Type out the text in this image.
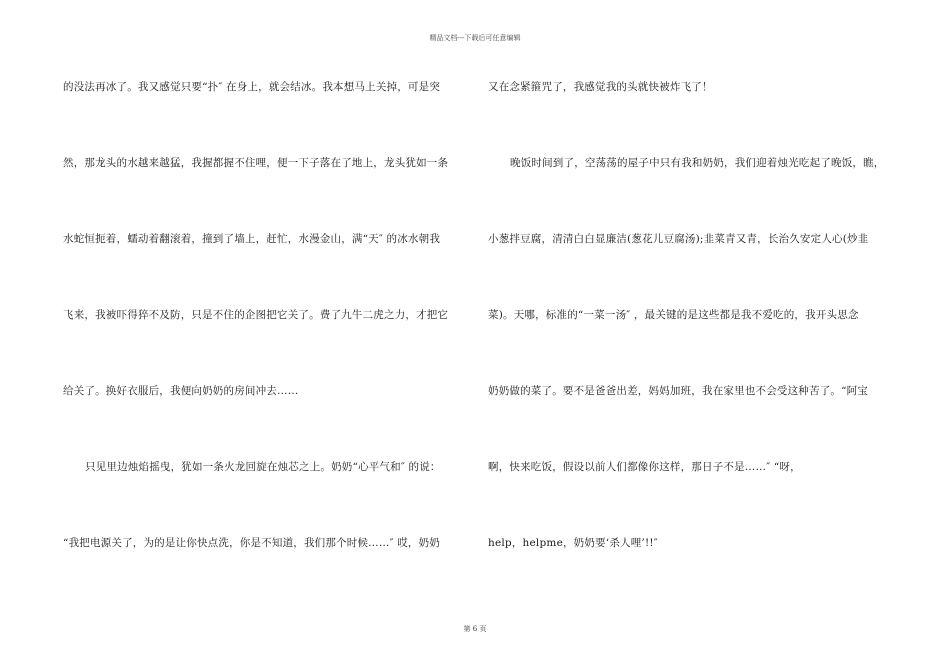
精品文档---下载后可任意编辑
的没法再冰了。我又感觉只要“扑″ 在身上，就会结冰。我本想马上关掉，可是突
然，那龙头的水越来越猛，我握都握不住哩，便一下子落在了地上，龙头犹如一条
水蛇恒扼着，蠕动着翻滚着，撞到了墙上，赶忙，水漫金山，满“天″ 的冰水朝我
飞来，我被吓得猝不及防，只是不住的企图把它关了。费了九牛二虎之力，才把它
给关了。换好衣服后，我便向奶奶的房间冲去……
只见里边烛焰摇曳，犹如一条火龙回旋在烛芯之上。奶奶“心平气和″ 的说：
“我把电源关了，为的是让你快点洗，你是不知道，我们那个时候……″ 哎，奶奶
又在念紧箍咒了，我感觉我的头就快被炸飞了！
晚饭时间到了，空荡荡的屋子中只有我和奶奶，我们迎着烛光吃起了晚饭，瞧，
小葱拌豆腐，清清白白显廉洁(葱花儿豆腐汤);韭菜青又青，长治久安定人心(炒韭
菜)。天哪，标准的“一菜一汤″ ，最关键的是这些都是我不爱吃的，我开头思念
奶奶做的菜了。要不是爸爸出差，妈妈加班，我在家里也不会受这种苦了。“阿宝
啊，快来吃饭，假设以前人们都像你这样，那日子不是……″ “呀，
help，helpme，奶奶要‘杀人哩’!!″
第 6 页
